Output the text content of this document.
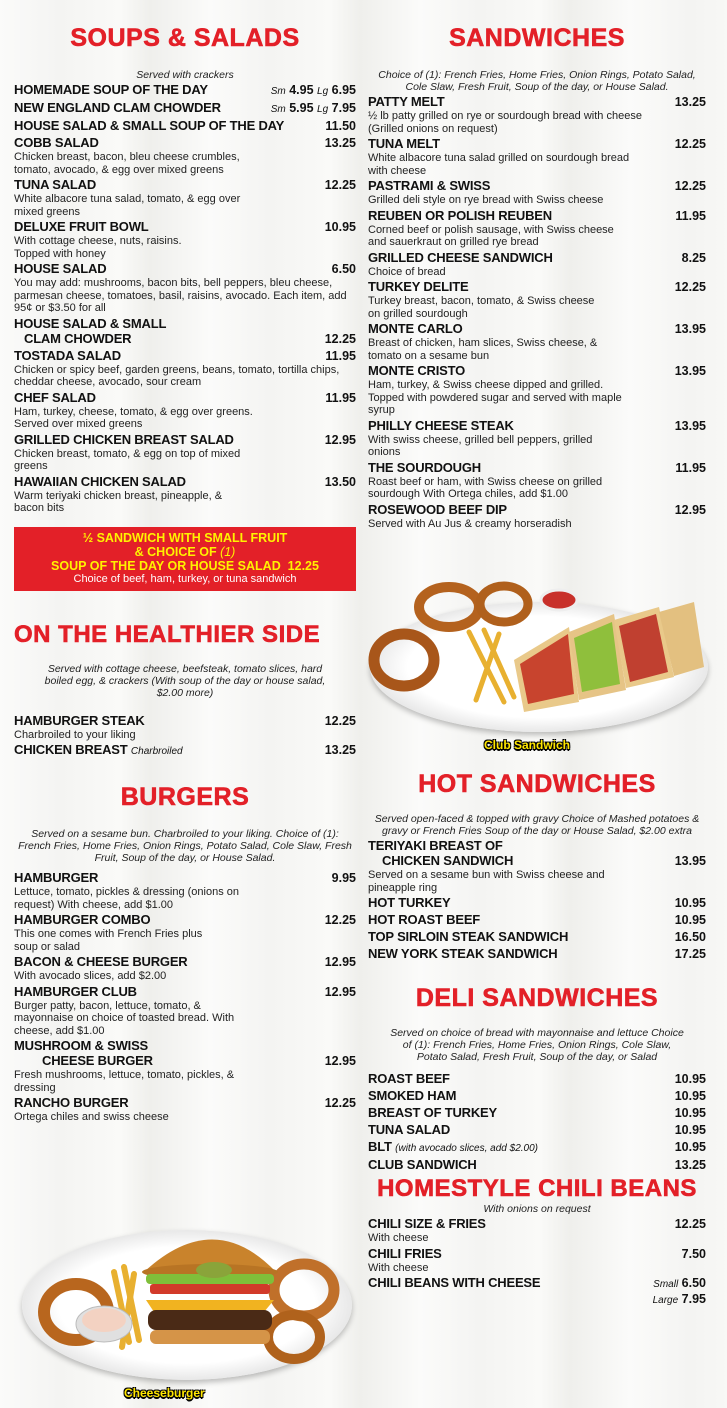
SOUPS & SALADS
Served with crackers
HOMEMADE SOUP OF THE DAY	Sm 4.95 Lg 6.95
NEW ENGLAND CLAM CHOWDER	Sm 5.95 Lg 7.95
HOUSE SALAD & SMALL SOUP OF THE DAY	11.50
COBB SALAD	13.25
Chicken breast, bacon, bleu cheese crumbles, tomato, avocado, & egg over mixed greens
TUNA SALAD	12.25
White albacore tuna salad, tomato, & egg over mixed greens
DELUXE FRUIT BOWL	10.95
With cottage cheese, nuts, raisins. Topped with honey
HOUSE SALAD	6.50
You may add: mushrooms, bacon bits, bell peppers, bleu cheese, parmesan cheese, tomatoes, basil, raisins, avocado. Each item, add 95¢ or $3.50 for all
HOUSE SALAD & SMALL
CLAM CHOWDER	12.25
TOSTADA SALAD	11.95
Chicken or spicy beef, garden greens, beans, tomato, tortilla chips, cheddar cheese, avocado, sour cream
CHEF SALAD	11.95
Ham, turkey, cheese, tomato, & egg over greens. Served over mixed greens
GRILLED CHICKEN BREAST SALAD	12.95
Chicken breast, tomato, & egg on top of mixed greens
HAWAIIAN CHICKEN SALAD	13.50
Warm teriyaki chicken breast, pineapple, & bacon bits
½ SANDWICH WITH SMALL FRUIT
& CHOICE OF (1)
SOUP OF THE DAY OR HOUSE SALAD 12.25
Choice of beef, ham, turkey, or tuna sandwich
ON THE HEALTHIER SIDE
Served with cottage cheese, beefsteak, tomato slices, hard boiled egg, & crackers (With soup of the day or house salad, $2.00 more)
HAMBURGER STEAK	12.25
Charbroiled to your liking
CHICKEN BREAST Charbroiled	13.25
BURGERS
Served on a sesame bun. Charbroiled to your liking. Choice of (1): French Fries, Home Fries, Onion Rings, Potato Salad, Cole Slaw, Fresh Fruit, Soup of the day, or House Salad.
HAMBURGER	9.95
Lettuce, tomato, pickles & dressing (onions on request) With cheese, add $1.00
HAMBURGER COMBO	12.25
This one comes with French Fries plus soup or salad
BACON & CHEESE BURGER	12.95
With avocado slices, add $2.00
HAMBURGER CLUB	12.95
Burger patty, bacon, lettuce, tomato, & mayonnaise on choice of toasted bread. With cheese, add $1.00
MUSHROOM & SWISS
CHEESE BURGER	12.95
Fresh mushrooms, lettuce, tomato, pickles, & dressing
RANCHO BURGER	12.25
Ortega chiles and swiss cheese
Cheeseburger
SANDWICHES
Choice of (1): French Fries, Home Fries, Onion Rings, Potato Salad, Cole Slaw, Fresh Fruit, Soup of the day, or House Salad.
PATTY MELT	13.25
½ lb patty grilled on rye or sourdough bread with cheese (Grilled onions on request)
TUNA MELT	12.25
White albacore tuna salad grilled on sourdough bread with cheese
PASTRAMI & SWISS	12.25
Grilled deli style on rye bread with Swiss cheese
REUBEN OR POLISH REUBEN	11.95
Corned beef or polish sausage, with Swiss cheese and sauerkraut on grilled rye bread
GRILLED CHEESE SANDWICH	8.25
Choice of bread
TURKEY DELITE	12.25
Turkey breast, bacon, tomato, & Swiss cheese on grilled sourdough
MONTE CARLO	13.95
Breast of chicken, ham slices, Swiss cheese, & tomato on a sesame bun
MONTE CRISTO	13.95
Ham, turkey, & Swiss cheese dipped and grilled. Topped with powdered sugar and served with maple syrup
PHILLY CHEESE STEAK	13.95
With swiss cheese, grilled bell peppers, grilled onions
THE SOURDOUGH	11.95
Roast beef or ham, with Swiss cheese on grilled sourdough With Ortega chiles, add $1.00
ROSEWOOD BEEF DIP	12.95
Served with Au Jus & creamy horseradish
Club Sandwich
HOT SANDWICHES
Served open-faced & topped with gravy Choice of Mashed potatoes & gravy or French Fries Soup of the day or House Salad, $2.00 extra
TERIYAKI BREAST OF
CHICKEN SANDWICH	13.95
Served on a sesame bun with Swiss cheese and pineapple ring
HOT TURKEY	10.95
HOT ROAST BEEF	10.95
TOP SIRLOIN STEAK SANDWICH	16.50
NEW YORK STEAK SANDWICH	17.25
DELI SANDWICHES
Served on choice of bread with mayonnaise and lettuce Choice of (1): French Fries, Home Fries, Onion Rings, Cole Slaw, Potato Salad, Fresh Fruit, Soup of the day, or Salad
ROAST BEEF	10.95
SMOKED HAM	10.95
BREAST OF TURKEY	10.95
TUNA SALAD	10.95
BLT (with avocado slices, add $2.00)	10.95
CLUB SANDWICH	13.25
HOMESTYLE CHILI BEANS
With onions on request
CHILI SIZE & FRIES	12.25
With cheese
CHILI FRIES	7.50
With cheese
CHILI BEANS WITH CHEESE	Small 6.50
Large 7.95
